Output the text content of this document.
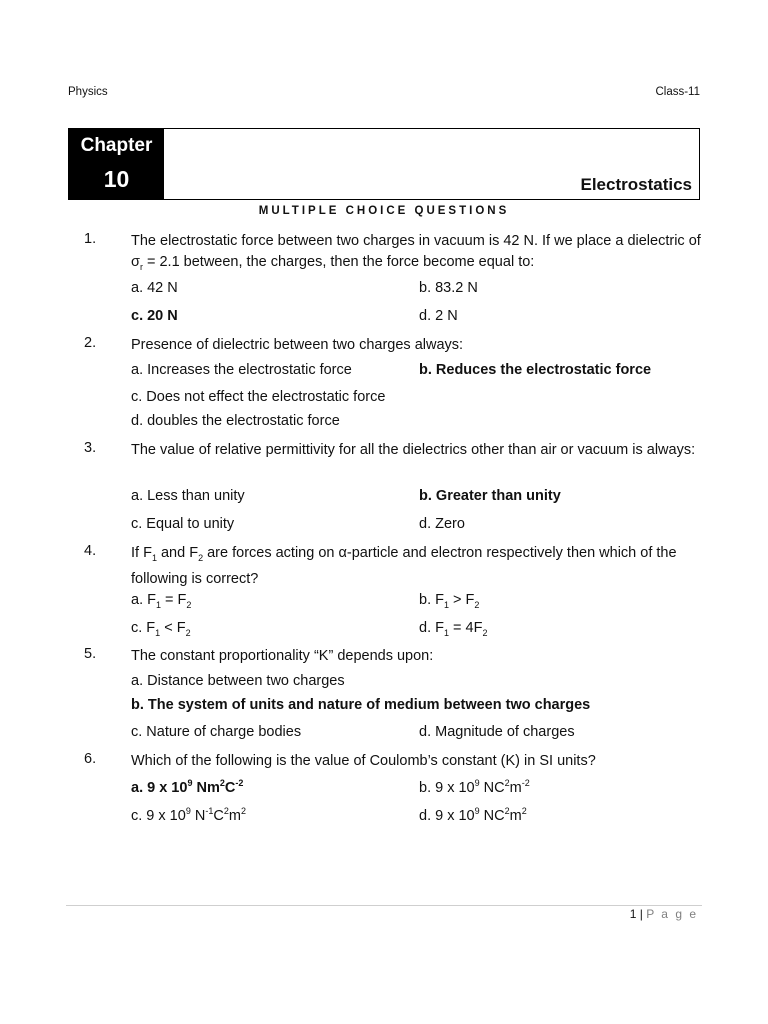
Physics	Class-11
Chapter
10	Electrostatics
MULTIPLE CHOICE QUESTIONS
1. The electrostatic force between two charges in vacuum is 42 N. If we place a dielectric of $\sigma_r = 2.1$ between, the charges, then the force become equal to:
a. 42 N	b. 83.2 N
c. 20 N	d. 2 N
2. Presence of dielectric between two charges always:
a. Increases the electrostatic force	b. Reduces the electrostatic force
c. Does not effect the electrostatic force
d. doubles the electrostatic force
3. The value of relative permittivity for all the dielectrics other than air or vacuum is always:
a. Less than unity	b. Greater than unity
c. Equal to unity	d. Zero
4. If $F_1$ and $F_2$ are forces acting on α-particle and electron respectively then which of the following is correct?
a. $F_1 = F_2$	b. $F_1 > F_2$
c. $F_1 < F_2$	d. $F_1 = 4F_2$
5. The constant proportionality “K” depends upon:
a. Distance between two charges
b. The system of units and nature of medium between two charges
c. Nature of charge bodies	d. Magnitude of charges
6. Which of the following is the value of Coulomb’s constant (K) in SI units?
a. 9 x $10^9$ $Nm^2C^{-2}$	b. 9 x $10^9$ $NC^2m^{-2}$
c. 9 x $10^9$ $N^{-1}C^2m^2$	d. 9 x $10^9$ $NC^2m^2$
1 | P a g e
